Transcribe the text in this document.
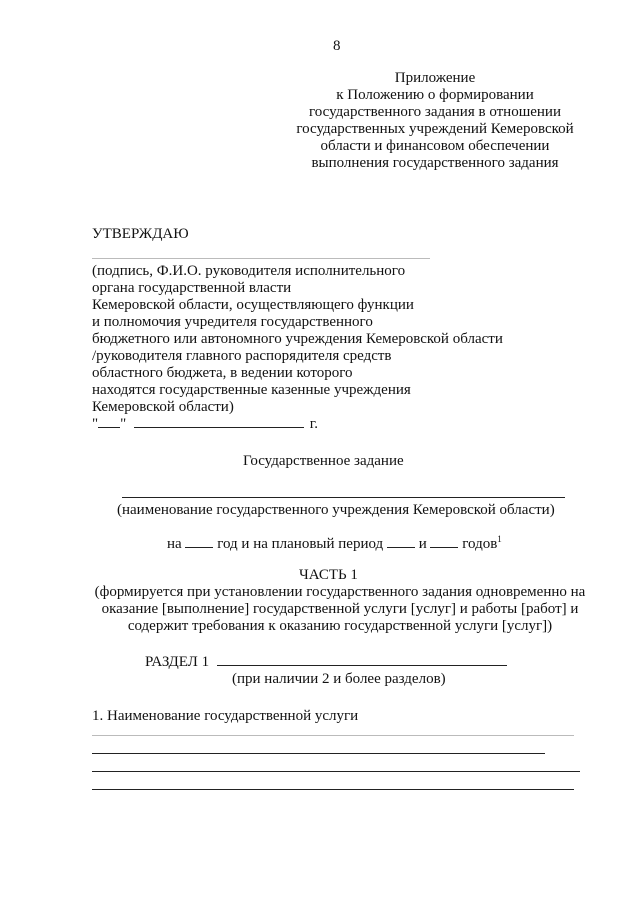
8
Приложение
к Положению о формировании
государственного задания в отношении
государственных учреждений Кемеровской
области и финансовом обеспечении
выполнения государственного задания
УТВЕРЖДАЮ
(подпись, Ф.И.О. руководителя исполнительного
органа государственной власти
Кемеровской области, осуществляющего функции
и полномочия учредителя государственного
бюджетного или автономного учреждения Кемеровской области
/руководителя главного распорядителя средств
областного бюджета, в ведении которого
находятся государственные казенные учреждения
Кемеровской области)
" "	г.
Государственное задание
(наименование государственного учреждения Кемеровской области)
на год и на плановый период и годов$^1$
ЧАСТЬ 1
(формируется при установлении государственного задания одновременно на
оказание [выполнение] государственной услуги [услуг] и работы [работ] и
содержит требования к оказанию государственной услуги [услуг])
РАЗДЕЛ 1
(при наличии 2 и более разделов)
1. Наименование государственной услуги
